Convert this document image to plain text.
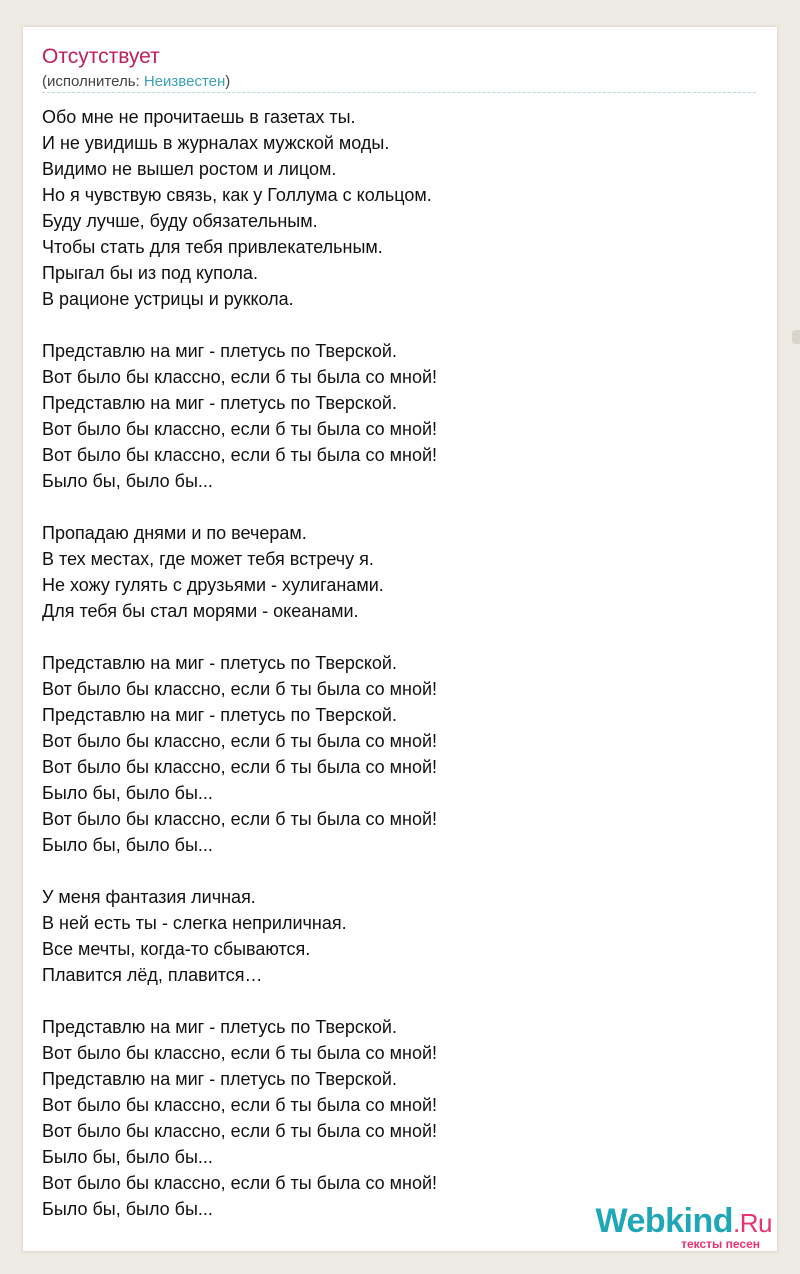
Отсутствует
(исполнитель: Неизвестен)
Обо мне не прочитаешь в газетах ты.
И не увидишь в журналах мужской моды.
Видимо не вышел ростом и лицом.
Но я чувствую связь, как у Голлума с кольцом.
Буду лучше, буду обязательным.
Чтобы стать для тебя привлекательным.
Прыгал бы из под купола.
В рационе устрицы и руккола.
Представлю на миг - плетусь по Тверской.
Вот было бы классно, если б ты была со мной!
Представлю на миг - плетусь по Тверской.
Вот было бы классно, если б ты была со мной!
Вот было бы классно, если б ты была со мной!
Было бы, было бы...
Пропадаю днями и по вечерам.
В тех местах, где может тебя встречу я.
Не хожу гулять с друзьями - хулиганами.
Для тебя бы стал морями - океанами.
Представлю на миг - плетусь по Тверской.
Вот было бы классно, если б ты была со мной!
Представлю на миг - плетусь по Тверской.
Вот было бы классно, если б ты была со мной!
Вот было бы классно, если б ты была со мной!
Было бы, было бы...
Вот было бы классно, если б ты была со мной!
Было бы, было бы...
У меня фантазия личная.
В ней есть ты - слегка неприличная.
Все мечты, когда-то сбываются.
Плавится лёд, плавится…
Представлю на миг - плетусь по Тверской.
Вот было бы классно, если б ты была со мной!
Представлю на миг - плетусь по Тверской.
Вот было бы классно, если б ты была со мной!
Вот было бы классно, если б ты была со мной!
Было бы, было бы...
Вот было бы классно, если б ты была со мной!
Было бы, было бы...	Webkind.Ru
тексты песен
